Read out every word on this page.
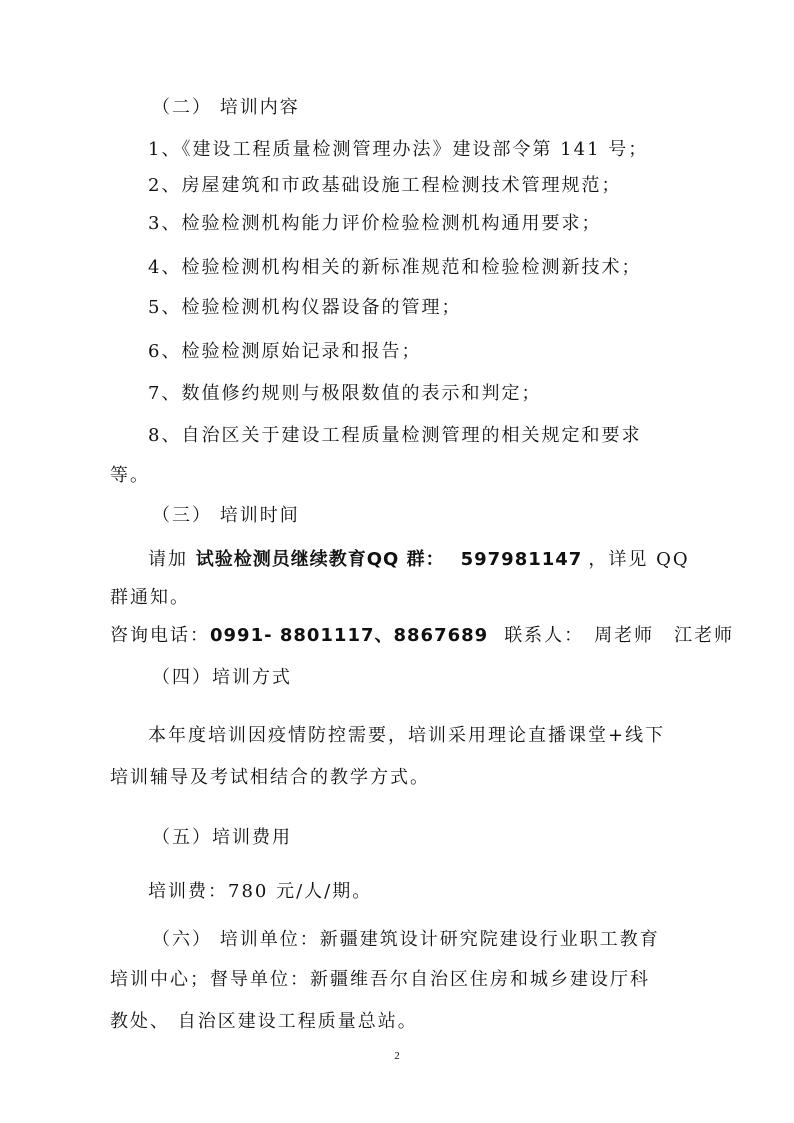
（二） 培训内容
1、《建设工程质量检测管理办法》建设部令第 141 号；
2、房屋建筑和市政基础设施工程检测技术管理规范；
3、检验检测机构能力评价检验检测机构通用要求；
4、检验检测机构相关的新标准规范和检验检测新技术；
5、检验检测机构仪器设备的管理；
6、检验检测原始记录和报告；
7、数值修约规则与极限数值的表示和判定；
8、自治区关于建设工程质量检测管理的相关规定和要求
等。
（三） 培训时间
请加 试验检测员继续教育QQ 群： 597981147 ，详见 QQ
群通知。
咨询电话：0991- 8801117、8867689 联系人： 周老师　江老师
（四）培训方式
本年度培训因疫情防控需要，培训采用理论直播课堂+线下
培训辅导及考试相结合的教学方式。
（五）培训费用
培训费：780 元/人/期。
（六） 培训单位：新疆建筑设计研究院建设行业职工教育
培训中心；督导单位：新疆维吾尔自治区住房和城乡建设厅科
教处、 自治区建设工程质量总站。
2
